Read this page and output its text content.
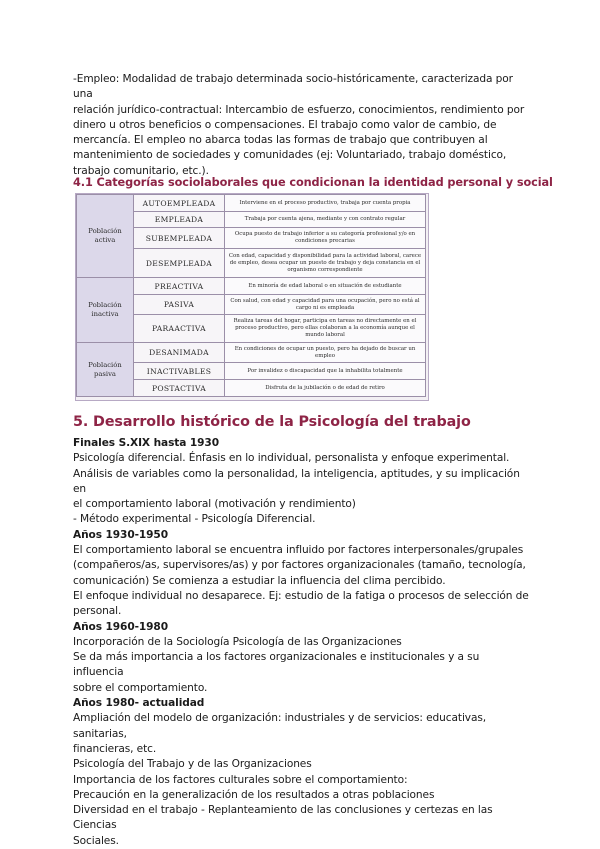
-Empleo: Modalidad de trabajo determinada socio-históricamente, caracterizada por una

relación jurídico-contractual: Intercambio de esfuerzo, conocimientos, rendimiento por

dinero u otros beneficios o compensaciones. El trabajo como valor de cambio, de

mercancía. El empleo no abarca todas las formas de trabajo que contribuyen al

mantenimiento de sociedades y comunidades (ej: Voluntariado, trabajo doméstico,

trabajo comunitario, etc.).

4.1 Categorías sociolaborales que condicionan la identidad personal y social
Población activa	AUTOEMPLEADA	Interviene en el proceso productivo, trabaja por cuenta propia
	EMPLEADA	Trabaja por cuenta ajena, mediante y con contrato regular
	SUBEMPLEADA	Ocupa puesto de trabajo inferior a su categoría profesional y/o en condiciones precarias
	DESEMPLEADA	Con edad, capacidad y disponibilidad para la actividad laboral, carece de empleo, desea ocupar un puesto de trabajo y deja constancia en el organismo correspondiente
Población inactiva	PREACTIVA	En minoría de edad laboral o en situación de estudiante
	PASIVA	Con salud, con edad y capacidad para una ocupación, pero no está al cargo ni es empleada
	PARAACTIVA	Realiza tareas del hogar, participa en tareas no directamente en el proceso productivo, pero ellas colaboran a la economía aunque el mundo laboral
Población pasiva	DESANIMADA	En condiciones de ocupar un puesto, pero ha dejado de buscar un empleo
	INACTIVABLES	Por invalidez o discapacidad que la inhabilita totalmente
	POSTACTIVA	Disfruta de la jubilación o de edad de retiro
5. Desarrollo histórico de la Psicología del trabajo

Finales S.XIX hasta 1930

Psicología diferencial. Énfasis en lo individual, personalista y enfoque experimental.

Análisis de variables como la personalidad, la inteligencia, aptitudes, y su implicación en

el comportamiento laboral (motivación y rendimiento)

- Método experimental - Psicología Diferencial.

Años 1930-1950

El comportamiento laboral se encuentra influido por factores interpersonales/grupales

(compañeros/as, supervisores/as) y por factores organizacionales (tamaño, tecnología,

comunicación) Se comienza a estudiar la influencia del clima percibido.

El enfoque individual no desaparece. Ej: estudio de la fatiga o procesos de selección de

personal.

Años 1960-1980

Incorporación de la Sociología Psicología de las Organizaciones

Se da más importancia a los factores organizacionales e institucionales y a su influencia

sobre el comportamiento.

Años 1980- actualidad

Ampliación del modelo de organización: industriales y de servicios: educativas, sanitarias,

financieras, etc.

Psicología del Trabajo y de las Organizaciones

Importancia de los factores culturales sobre el comportamiento:

Precaución en la generalización de los resultados a otras poblaciones

Diversidad en el trabajo - Replanteamiento de las conclusiones y certezas en las Ciencias

Sociales.
